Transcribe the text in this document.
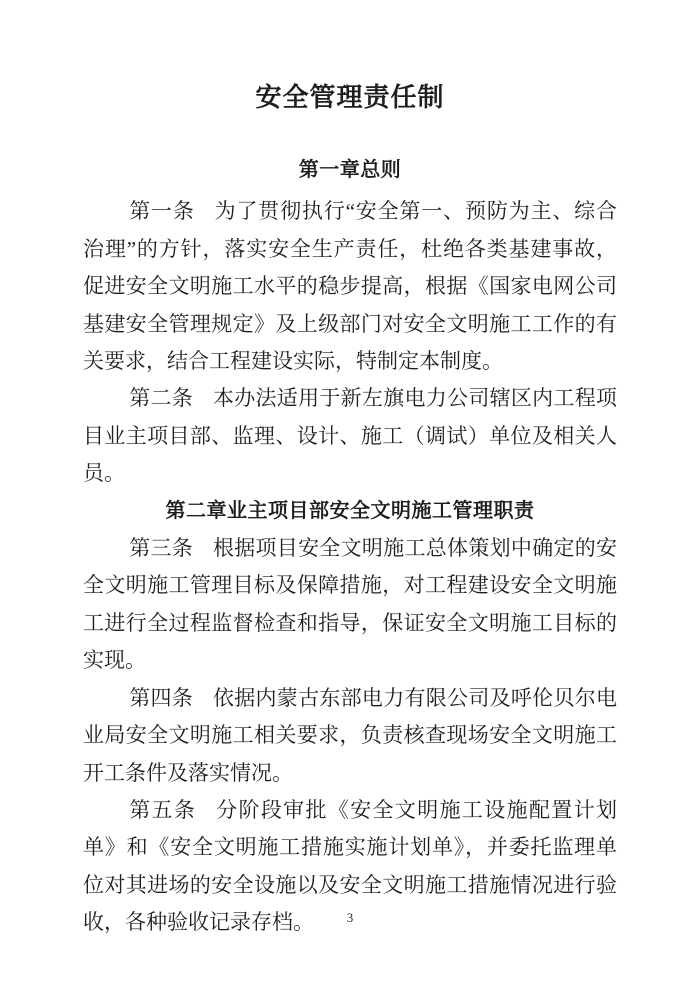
安全管理责任制
第一章总则

第一条 为了贯彻执行“安全第一、预防为主、综合治理”的方针，落实安全生产责任，杜绝各类基建事故，促进安全文明施工水平的稳步提高，根据《国家电网公司基建安全管理规定》及上级部门对安全文明施工工作的有关要求，结合工程建设实际，特制定本制度。

第二条 本办法适用于新左旗电力公司辖区内工程项目业主项目部、监理、设计、施工（调试）单位及相关人员。

第二章业主项目部安全文明施工管理职责

第三条 根据项目安全文明施工总体策划中确定的安全文明施工管理目标及保障措施，对工程建设安全文明施工进行全过程监督检查和指导，保证安全文明施工目标的实现。

第四条 依据内蒙古东部电力有限公司及呼伦贝尔电业局安全文明施工相关要求，负责核查现场安全文明施工开工条件及落实情况。

第五条 分阶段审批《安全文明施工设施配置计划单》和《安全文明施工措施实施计划单》，并委托监理单位对其进场的安全设施以及安全文明施工措施情况进行验收，各种验收记录存档。	3
